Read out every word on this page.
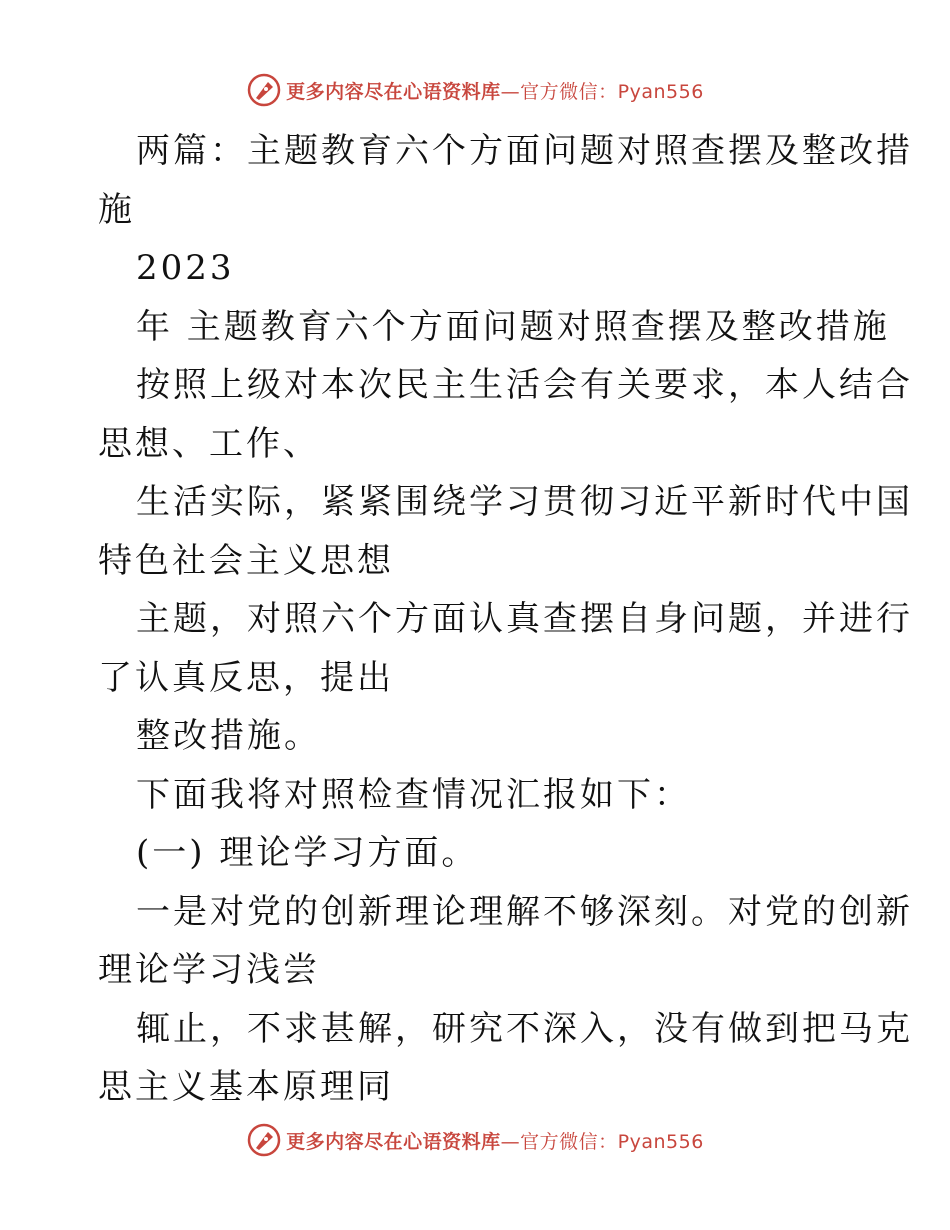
更多内容尽在心语资料库 —官方微信：Pyan556
两篇：主题教育六个方面问题对照查摆及整改措
施
2023
年 主题教育六个方面问题对照查摆及整改措施
按照上级对本次民主生活会有关要求，本人结合
思想、工作、
生活实际，紧紧围绕学习贯彻习近平新时代中国
特色社会主义思想
主题，对照六个方面认真查摆自身问题，并进行
了认真反思，提出
整改措施。
下面我将对照检查情况汇报如下：
(一) 理论学习方面。
一是对党的创新理论理解不够深刻。对党的创新
理论学习浅尝
辄止，不求甚解，研究不深入，没有做到把马克
思主义基本原理同
更多内容尽在心语资料库 —官方微信：Pyan556
